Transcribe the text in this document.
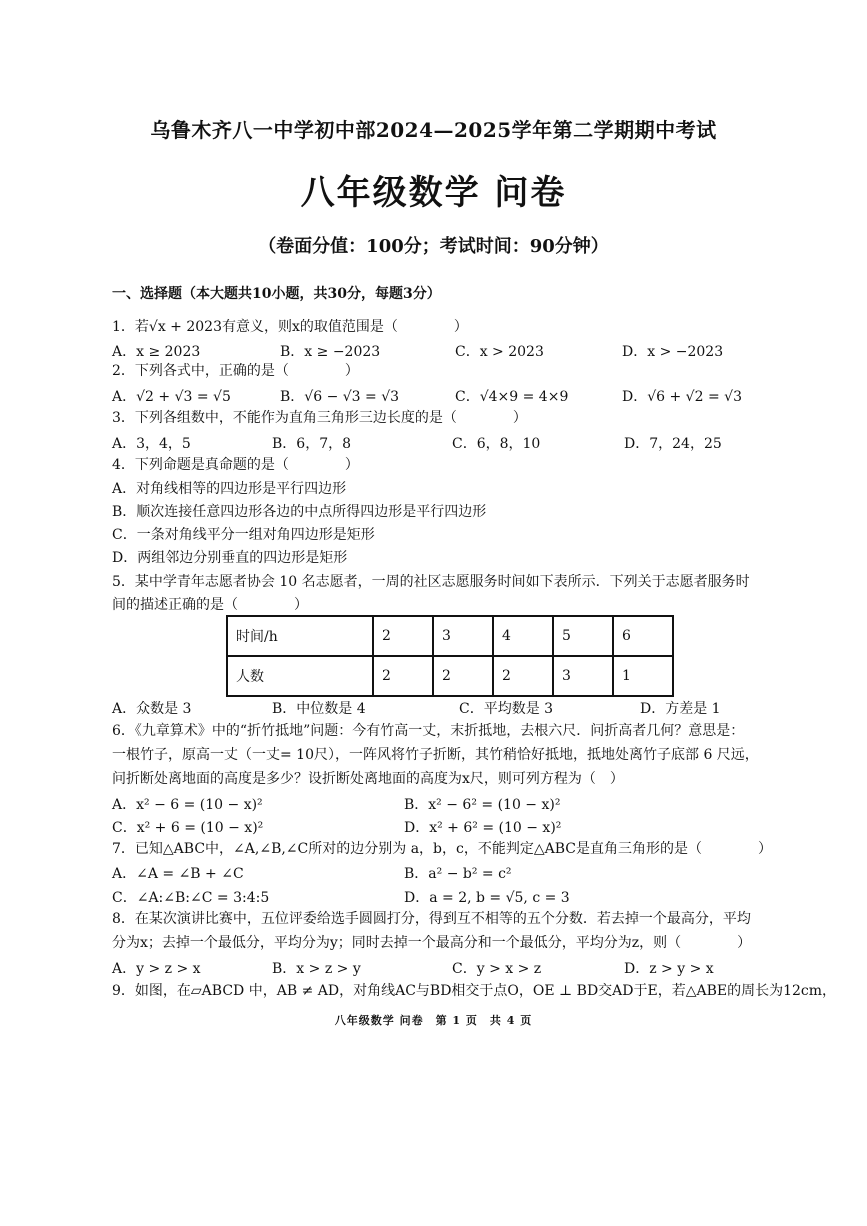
乌鲁木齐八一中学初中部2024—2025学年第二学期期中考试
八年级数学 问卷
（卷面分值：100分；考试时间：90分钟）
一、选择题（本大题共10小题，共30分，每题3分）
1．若√x + 2023有意义，则x的取值范围是（　　　　）
A．x ≥ 2023	B．x ≥ −2023	C．x > 2023	D．x > −2023
2．下列各式中，正确的是（　　　　）
A．√2 + √3 = √5	B．√6 − √3 = √3	C．√4×9 = 4×9	D．√6 + √2 = √3
3．下列各组数中，不能作为直角三角形三边长度的是（　　　　）
A．3，4，5	B．6，7，8	C．6，8，10	D．7，24，25
4．下列命题是真命题的是（　　　　）
A．对角线相等的四边形是平行四边形
B．顺次连接任意四边形各边的中点所得四边形是平行四边形
C．一条对角线平分一组对角四边形是矩形
D．两组邻边分别垂直的四边形是矩形
5．某中学青年志愿者协会 10 名志愿者，一周的社区志愿服务时间如下表所示．下列关于志愿者服务时
间的描述正确的是（　　　　）
时间/h	2	3	4	5	6
人数	2	2	2	3	1
A．众数是 3	B．中位数是 4	C．平均数是 3	D．方差是 1
6．《九章算术》中的“折竹抵地”问题：今有竹高一丈，末折抵地，去根六尺．问折高者几何？意思是：
一根竹子，原高一丈（一丈= 10尺），一阵风将竹子折断，其竹稍恰好抵地，抵地处离竹子底部 6 尺远，
问折断处离地面的高度是多少？设折断处离地面的高度为x尺，则可列方程为（　）
A．x² − 6 = (10 − x)²	B．x² − 6² = (10 − x)²
C．x² + 6 = (10 − x)²	D．x² + 6² = (10 − x)²
7．已知△ABC中，∠A,∠B,∠C所对的边分别为 a，b，c，不能判定△ABC是直角三角形的是（　　　　）
A．∠A = ∠B + ∠C	B．a² − b² = c²
C．∠A:∠B:∠C = 3:4:5	D．a = 2, b = √5, c = 3
8．在某次演讲比赛中，五位评委给选手圆圆打分，得到互不相等的五个分数．若去掉一个最高分，平均
分为x；去掉一个最低分，平均分为y；同时去掉一个最高分和一个最低分，平均分为z，则（　　　　）
A．y > z > x	B．x > z > y	C．y > x > z	D．z > y > x
9．如图，在▱ABCD 中，AB ≠ AD，对角线AC与BD相交于点O，OE ⊥ BD交AD于E，若△ABE的周长为12cm，
八年级数学 问卷　第 1 页　共 4 页
